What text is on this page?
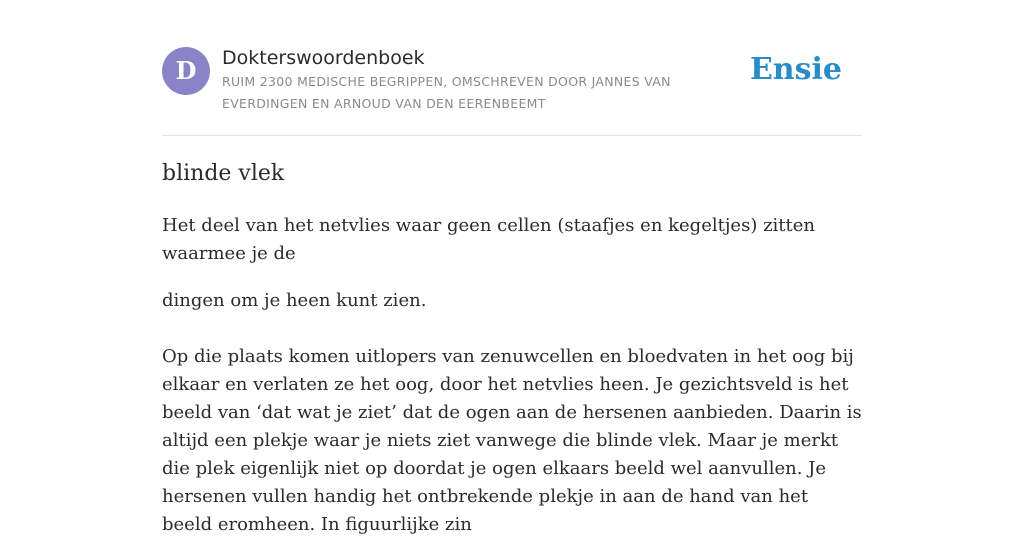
D	Dokterswoordenboek
RUIM 2300 MEDISCHE BEGRIPPEN, OMSCHREVEN DOOR JANNES VAN EVERDINGEN EN ARNOUD VAN DEN EERENBEEMT
Ensie
blinde vlek

Het deel van het netvlies waar geen cellen (staafjes en kegeltjes) zitten waarmee je de

dingen om je heen kunt zien.

Op die plaats komen uitlopers van zenuwcellen en bloedvaten in het oog bij elkaar en verlaten ze het oog, door het netvlies heen. Je gezichtsveld is het beeld van ‘dat wat je ziet’ dat de ogen aan de hersenen aanbieden. Daarin is altijd een plekje waar je niets ziet vanwege die blinde vlek. Maar je merkt die plek eigenlijk niet op doordat je ogen elkaars beeld wel aanvullen. Je hersenen vullen handig het ontbrekende plekje in aan de hand van het beeld eromheen. In figuurlijke zin
